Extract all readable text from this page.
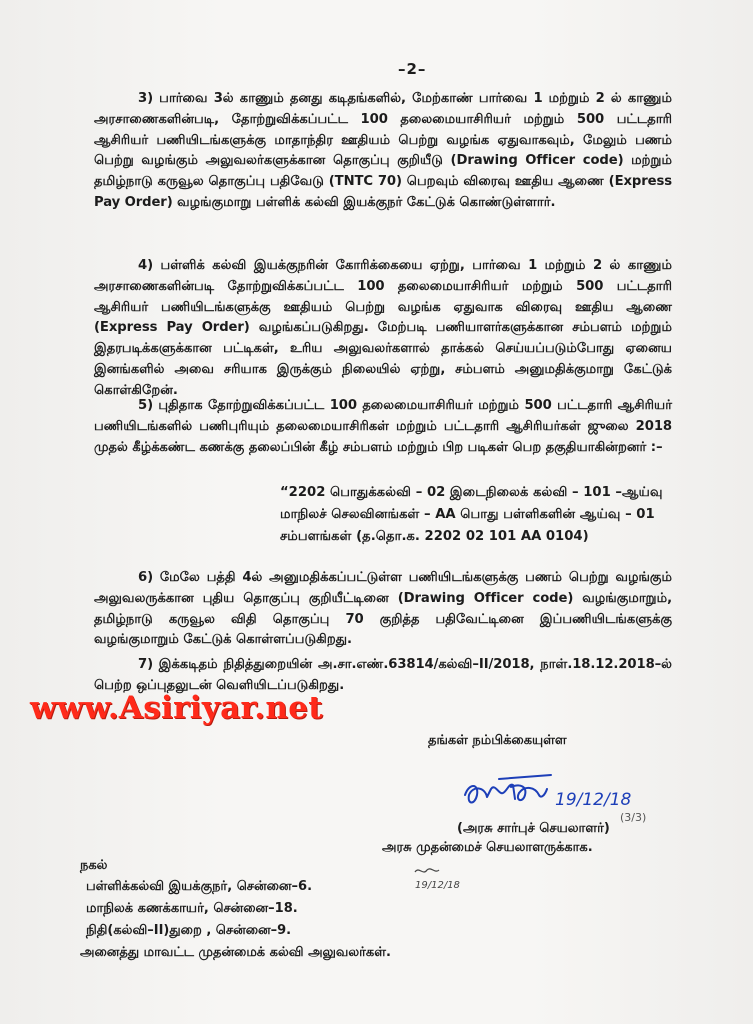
–2–
3) பார்வை 3ல் காணும் தனது கடிதங்களில், மேற்காண் பார்வை 1 மற்றும் 2 ல் காணும் அரசாணைகளின்படி, தோற்றுவிக்கப்பட்ட 100 தலைமையாசிரியர் மற்றும் 500 பட்டதாரி ஆசிரியர் பணியிடங்களுக்கு மாதாந்திர ஊதியம் பெற்று வழங்க ஏதுவாகவும், மேலும் பணம் பெற்று வழங்கும் அலுவலர்களுக்கான தொகுப்பு குறியீடு (Drawing Officer code) மற்றும் தமிழ்நாடு கருவூல தொகுப்பு பதிவேடு (TNTC 70) பெறவும் விரைவு ஊதிய ஆணை (Express Pay Order) வழங்குமாறு பள்ளிக் கல்வி இயக்குநர் கேட்டுக் கொண்டுள்ளார்.
4) பள்ளிக் கல்வி இயக்குநரின் கோரிக்கையை ஏற்று, பார்வை 1 மற்றும் 2 ல் காணும் அரசாணைகளின்படி தோற்றுவிக்கப்பட்ட 100 தலைமையாசிரியர் மற்றும் 500 பட்டதாரி ஆசிரியர் பணியிடங்களுக்கு ஊதியம் பெற்று வழங்க ஏதுவாக விரைவு ஊதிய ஆணை (Express Pay Order) வழங்கப்படுகிறது. மேற்படி பணியாளர்களுக்கான சம்பளம் மற்றும் இதரபடிக்களுக்கான பட்டிகள், உரிய அலுவலர்களால் தாக்கல் செய்யப்படும்போது ஏனைய இனங்களில் அவை சரியாக இருக்கும் நிலையில் ஏற்று, சம்பளம் அனுமதிக்குமாறு கேட்டுக் கொள்கிறேன்.
5) புதிதாக தோற்றுவிக்கப்பட்ட 100 தலைமையாசிரியர் மற்றும் 500 பட்டதாரி ஆசிரியர் பணியிடங்களில் பணிபுரியும் தலைமையாசிரிகள் மற்றும் பட்டதாரி ஆசிரியர்கள் ஜுலை 2018 முதல் கீழ்க்கண்ட கணக்கு தலைப்பின் கீழ் சம்பளம் மற்றும் பிற படிகள் பெற தகுதியாகின்றனர் :–
“2202 பொதுக்கல்வி – 02 இடைநிலைக் கல்வி – 101 –ஆய்வு மாநிலச் செலவினங்கள் – AA பொது பள்ளிகளின் ஆய்வு – 01 சம்பளங்கள் (த.தொ.க. 2202 02 101 AA 0104)
6) மேலே பத்தி 4ல் அனுமதிக்கப்பட்டுள்ள பணியிடங்களுக்கு பணம் பெற்று வழங்கும் அலுவலருக்கான புதிய தொகுப்பு குறியீட்டினை (Drawing Officer code) வழங்குமாறும், தமிழ்நாடு கருவூல விதி தொகுப்பு 70 குறித்த பதிவேட்டினை இப்பணியிடங்களுக்கு வழங்குமாறும் கேட்டுக் கொள்ளப்படுகிறது.
7) இக்கடிதம் நிதித்துறையின் அ.சா.எண்.63814/கல்வி–II/2018, நாள்.18.12.2018–ல் பெற்ற ஒப்புதலுடன் வெளியிடப்படுகிறது.
www.Asiriyar.net
தங்கள் நம்பிக்கையுள்ள
19/12/18
(3/3)
(அரசு சார்புச் செயலாளர்)
அரசு முதன்மைச் செயலாளருக்காக.
19/12/18
நகல்
பள்ளிக்கல்வி இயக்குநர், சென்னை–6.
மாநிலக் கணக்காயர், சென்னை–18.
நிதி(கல்வி–II)துறை , சென்னை–9.
அனைத்து மாவட்ட முதன்மைக் கல்வி அலுவலர்கள்.
